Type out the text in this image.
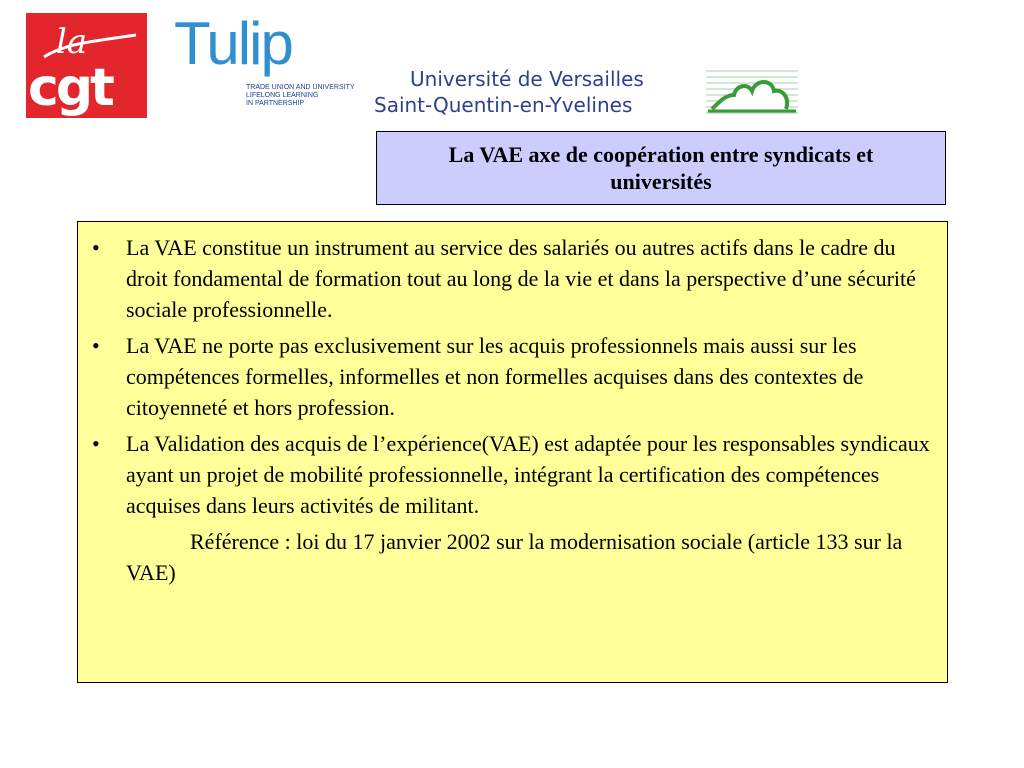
la
cgt
Tulip
TRADE UNION AND UNIVERSITY
LIFELONG LEARNING
IN PARTNERSHIP
Université de Versailles
Saint-Quentin-en-Yvelines
La VAE axe de coopération entre syndicats et universités
• La VAE constitue un instrument au service des salariés ou autres actifs dans le cadre du droit fondamental de formation tout au long de la vie et dans la perspective d’une sécurité sociale professionnelle.
• La VAE ne porte pas exclusivement sur les acquis professionnels mais aussi sur les compétences formelles, informelles et non formelles acquises dans des contextes de citoyenneté et hors profession.
• La Validation des acquis de l’expérience(VAE) est adaptée pour les responsables syndicaux ayant un projet de mobilité professionnelle, intégrant la certification des compétences acquises dans leurs activités de militant.
Référence : loi du 17 janvier 2002 sur la modernisation sociale (article 133 sur la VAE)
